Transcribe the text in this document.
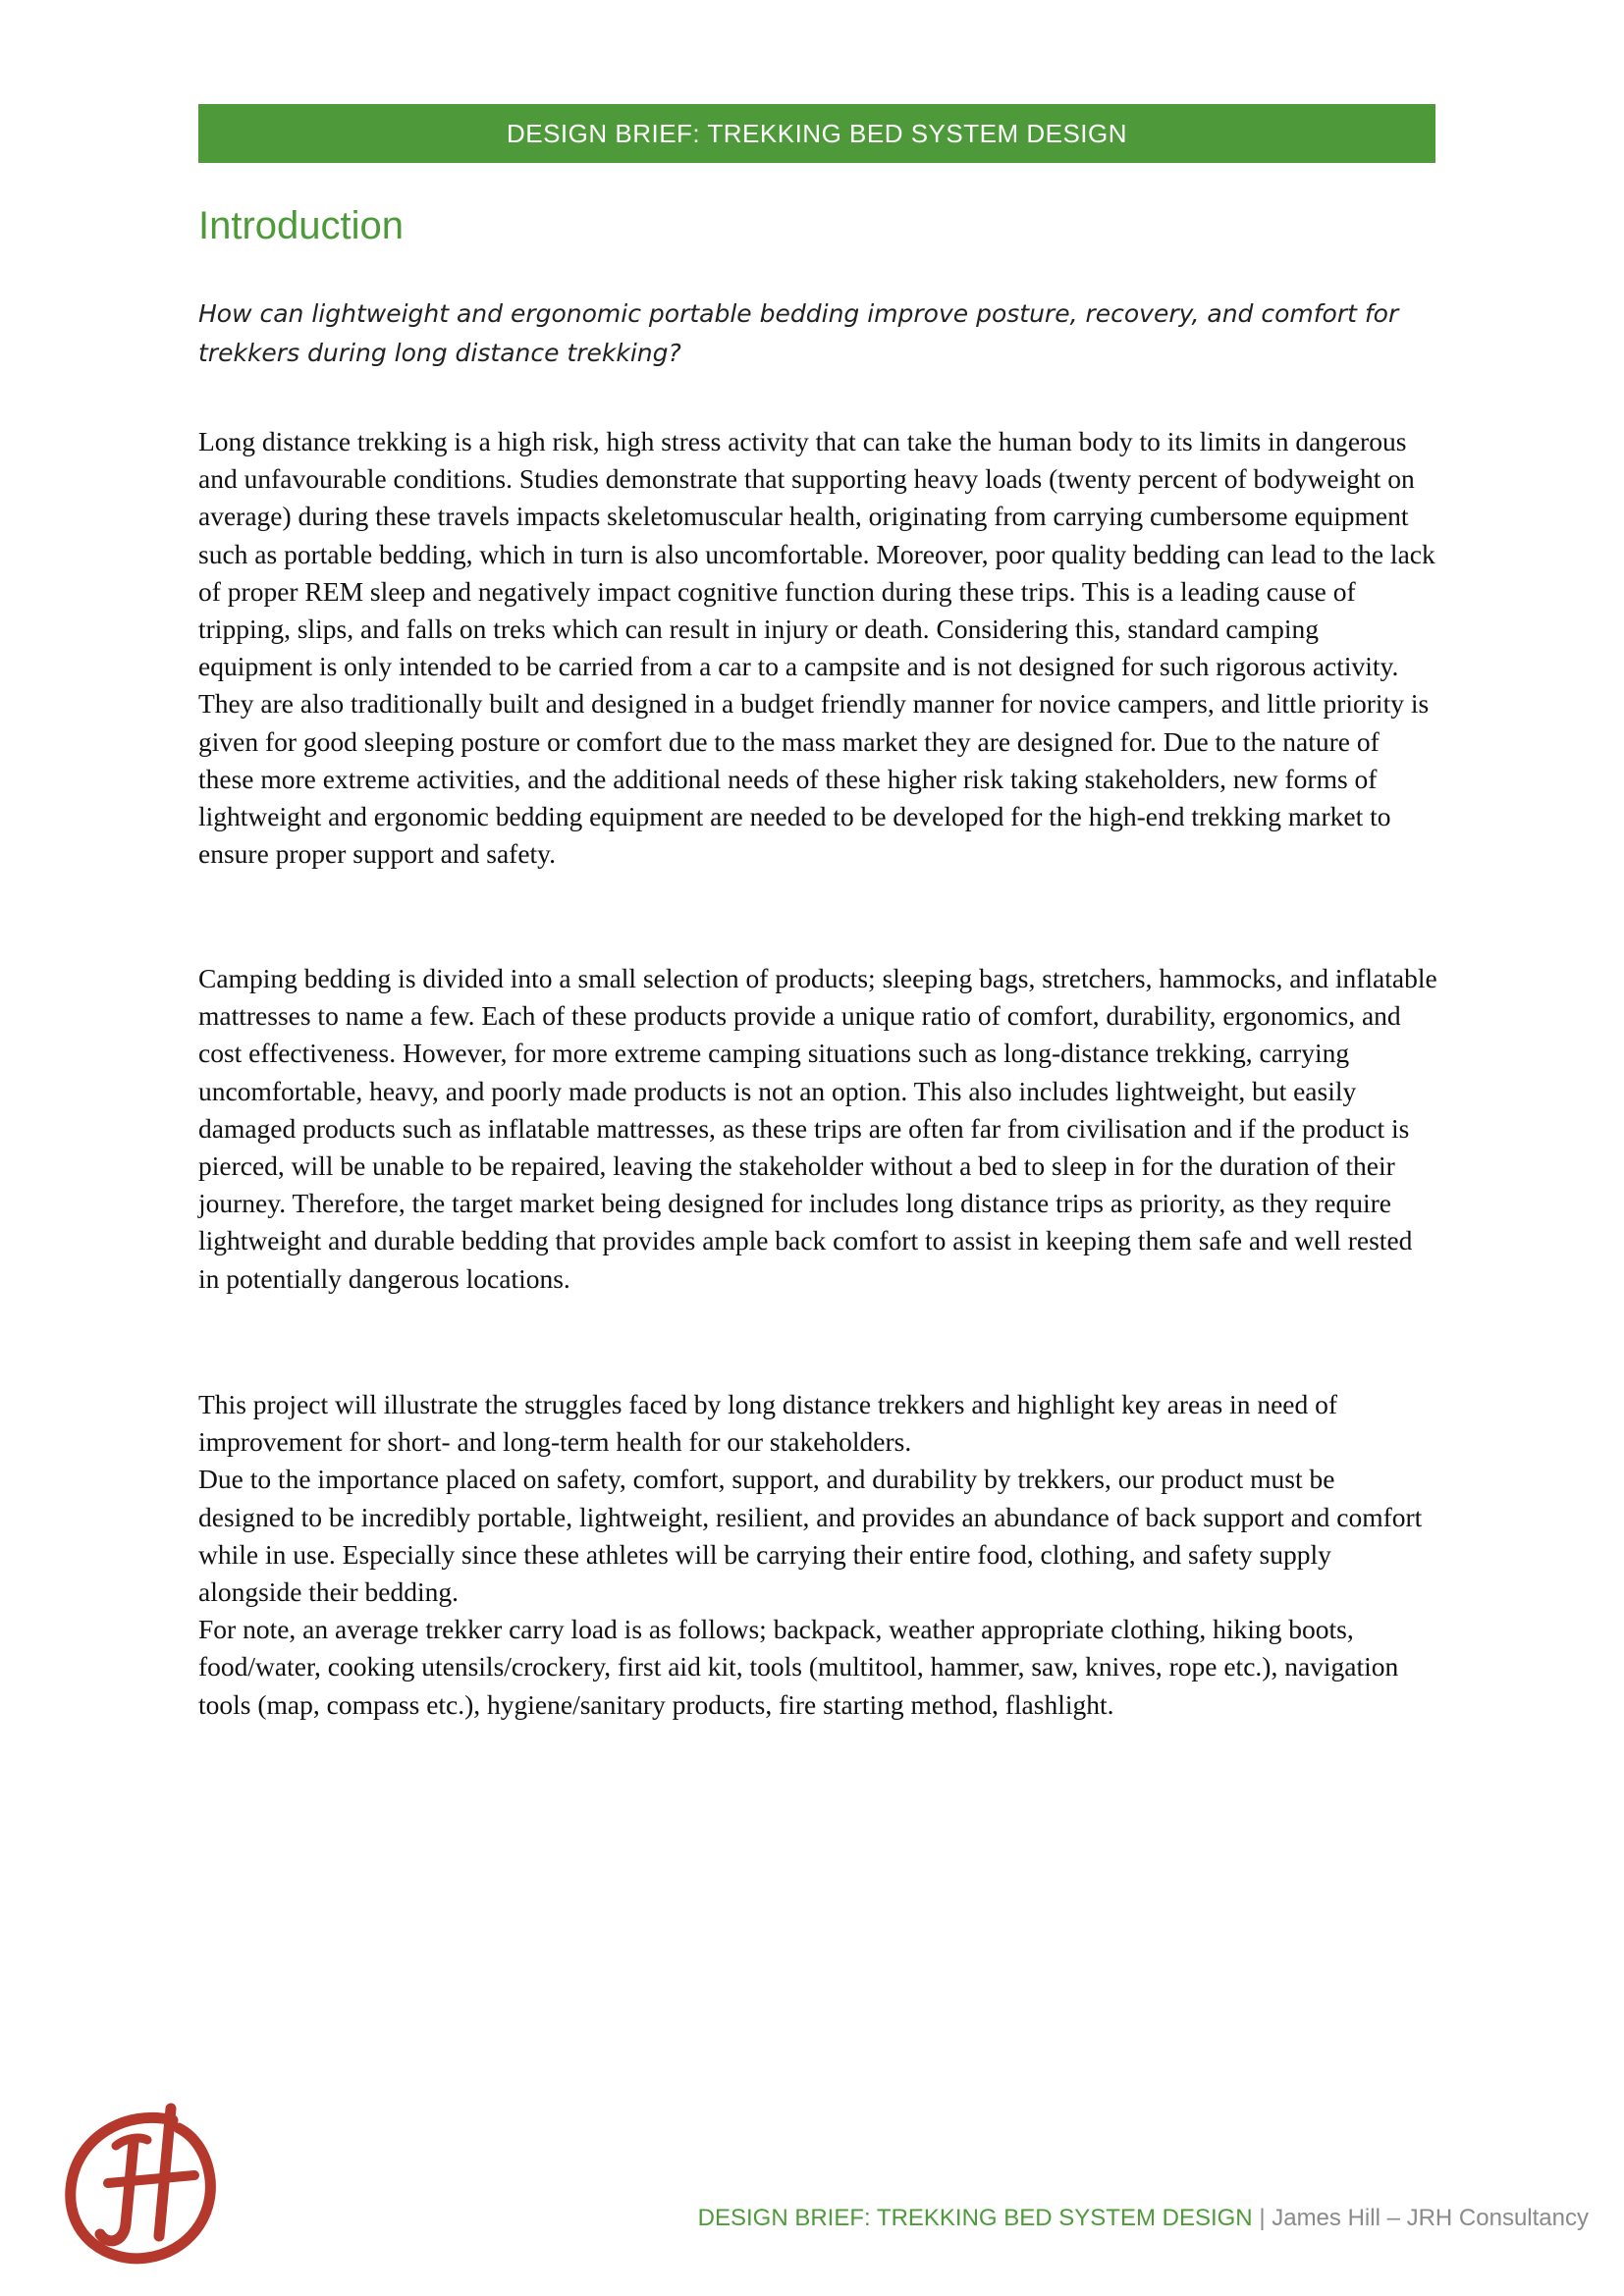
DESIGN BRIEF: TREKKING BED SYSTEM DESIGN
Introduction

How can lightweight and ergonomic portable bedding improve posture, recovery, and comfort for trekkers during long distance trekking?

Long distance trekking is a high risk, high stress activity that can take the human body to its limits in dangerous and unfavourable conditions. Studies demonstrate that supporting heavy loads (twenty percent of bodyweight on average) during these travels impacts skeletomuscular health, originating from carrying cumbersome equipment such as portable bedding, which in turn is also uncomfortable. Moreover, poor quality bedding can lead to the lack of proper REM sleep and negatively impact cognitive function during these trips. This is a leading cause of tripping, slips, and falls on treks which can result in injury or death. Considering this, standard camping equipment is only intended to be carried from a car to a campsite and is not designed for such rigorous activity. They are also traditionally built and designed in a budget friendly manner for novice campers, and little priority is given for good sleeping posture or comfort due to the mass market they are designed for. Due to the nature of these more extreme activities, and the additional needs of these higher risk taking stakeholders, new forms of lightweight and ergonomic bedding equipment are needed to be developed for the high-end trekking market to ensure proper support and safety.

Camping bedding is divided into a small selection of products; sleeping bags, stretchers, hammocks, and inflatable mattresses to name a few. Each of these products provide a unique ratio of comfort, durability, ergonomics, and cost effectiveness. However, for more extreme camping situations such as long-distance trekking, carrying uncomfortable, heavy, and poorly made products is not an option. This also includes lightweight, but easily damaged products such as inflatable mattresses, as these trips are often far from civilisation and if the product is pierced, will be unable to be repaired, leaving the stakeholder without a bed to sleep in for the duration of their journey. Therefore, the target market being designed for includes long distance trips as priority, as they require lightweight and durable bedding that provides ample back comfort to assist in keeping them safe and well rested in potentially dangerous locations.

This project will illustrate the struggles faced by long distance trekkers and highlight key areas in need of improvement for short- and long-term health for our stakeholders.
Due to the importance placed on safety, comfort, support, and durability by trekkers, our product must be designed to be incredibly portable, lightweight, resilient, and provides an abundance of back support and comfort while in use. Especially since these athletes will be carrying their entire food, clothing, and safety supply alongside their bedding.
For note, an average trekker carry load is as follows; backpack, weather appropriate clothing, hiking boots, food/water, cooking utensils/crockery, first aid kit, tools (multitool, hammer, saw, knives, rope etc.), navigation tools (map, compass etc.), hygiene/sanitary products, fire starting method, flashlight.
DESIGN BRIEF: TREKKING BED SYSTEM DESIGN | James Hill – JRH Consultancy
